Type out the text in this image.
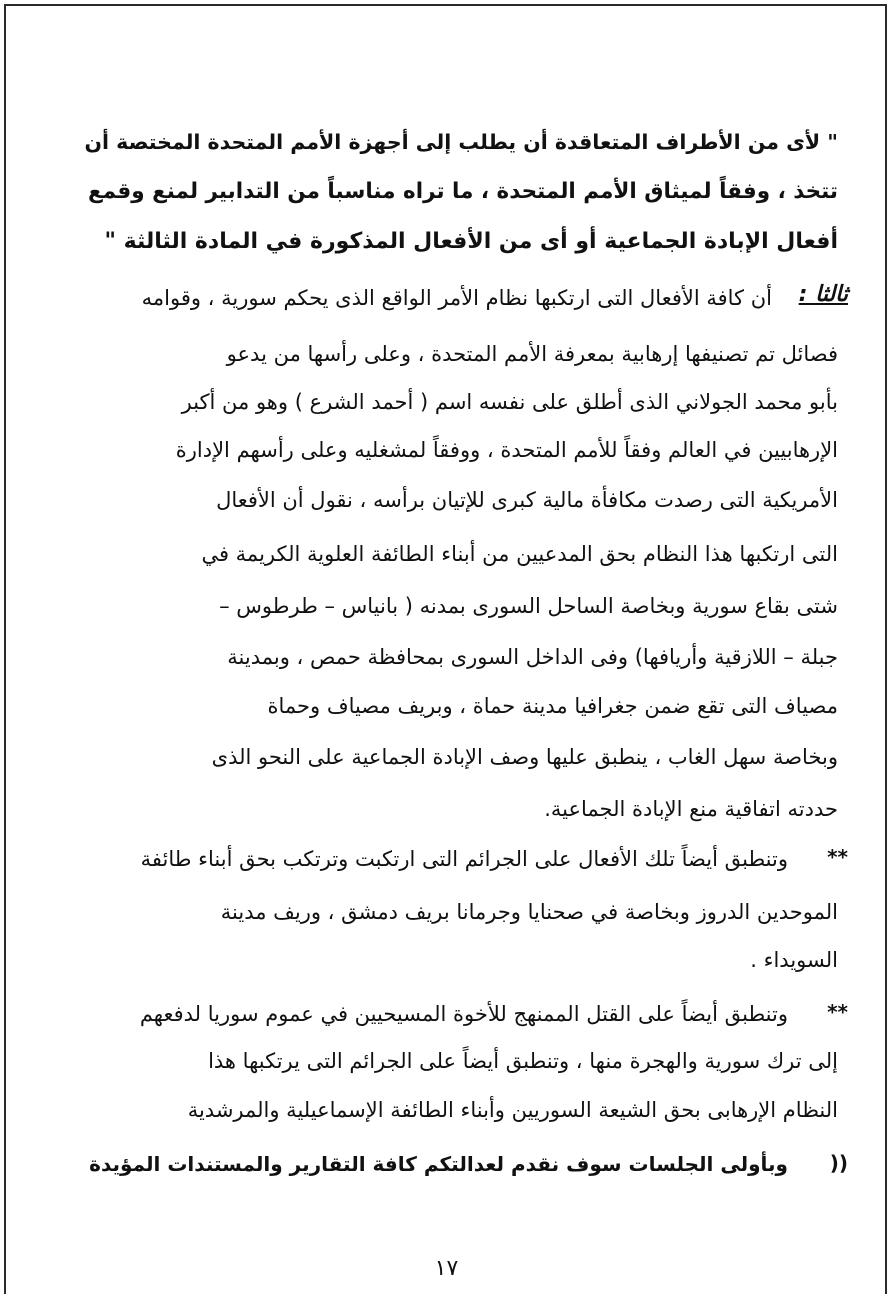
" لأى من الأطراف المتعاقدة أن يطلب إلى أجهزة الأمم المتحدة المختصة أن
تتخذ ، وفقاً لميثاق الأمم المتحدة ، ما تراه مناسباً من التدابير لمنع وقمع
أفعال الإبادة الجماعية أو أى من الأفعال المذكورة في المادة الثالثة "
ثالثا :
أن كافة الأفعال التى ارتكبها نظام الأمر الواقع الذى يحكم سورية ، وقوامه
فصائل تم تصنيفها إرهابية بمعرفة الأمم المتحدة ، وعلى رأسها من يدعو
بأبو محمد الجولاني الذى أطلق على نفسه اسم ( أحمد الشرع ) وهو من أكبر
الإرهابيين في العالم وفقاً للأمم المتحدة ، ووفقاً لمشغليه وعلى رأسهم الإدارة
الأمريكية التى رصدت مكافأة مالية كبرى للإتيان برأسه ، نقول أن الأفعال
التى ارتكبها هذا النظام بحق المدعيين من أبناء الطائفة العلوية الكريمة في
شتى بقاع سورية وبخاصة الساحل السورى بمدنه ( بانياس – طرطوس –
جبلة – اللازقية وأريافها) وفى الداخل السورى بمحافظة حمص ، وبمدينة
مصياف التى تقع ضمن جغرافيا مدينة حماة ، وبريف مصياف وحماة
وبخاصة سهل الغاب ، ينطبق عليها وصف الإبادة الجماعية على النحو الذى
حددته اتفاقية منع الإبادة الجماعية.
**
وتنطبق أيضاً تلك الأفعال على الجرائم التى ارتكبت وترتكب بحق أبناء طائفة
الموحدين الدروز وبخاصة في صحنايا وجرمانا بريف دمشق ، وريف مدينة
السويداء .
**
وتنطبق أيضاً على القتل الممنهج للأخوة المسيحيين في عموم سوريا لدفعهم
إلى ترك سورية والهجرة منها ، وتنطبق أيضاً على الجرائم التى يرتكبها هذا
النظام الإرهابى بحق الشيعة السوريين وأبناء الطائفة الإسماعيلية والمرشدية
((
وبأولى الجلسات سوف نقدم لعدالتكم كافة التقارير والمستندات المؤيدة
١٧
